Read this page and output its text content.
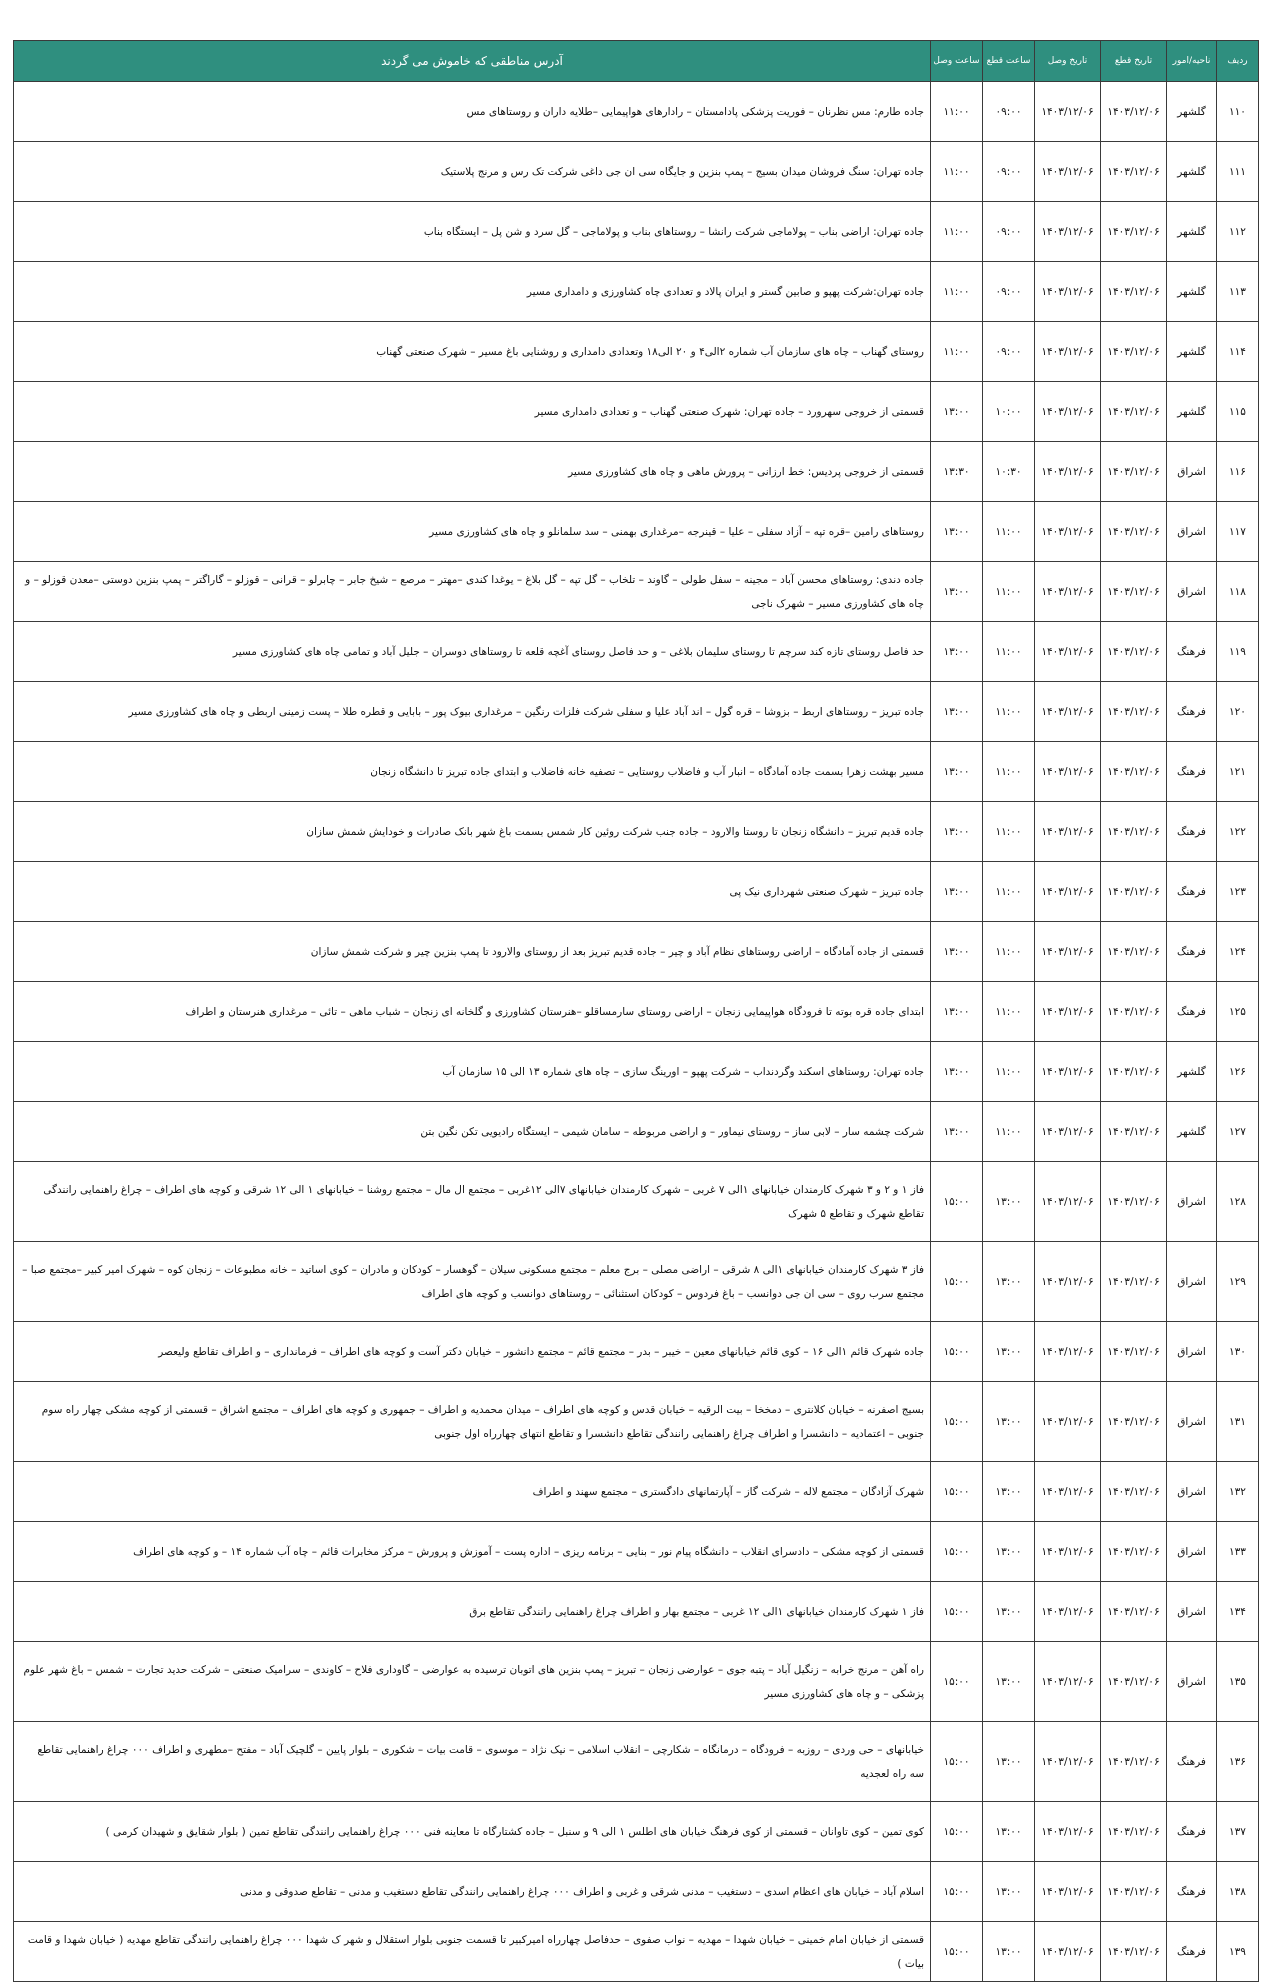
ردیف	ناحیه/امور	تاریخ قطع	تاریخ وصل	ساعت قطع	ساعت وصل	آدرس مناطقی که خاموش می گردند
۱۱۰	گلشهر	۱۴۰۳/۱۲/۰۶	۱۴۰۳/۱۲/۰۶	۰۹:۰۰	۱۱:۰۰	جاده طارم: مس نظرنان – فوریت پزشکی پادامستان – رادارهای هواپیمایی –طلایه داران و روستاهای مس
۱۱۱	گلشهر	۱۴۰۳/۱۲/۰۶	۱۴۰۳/۱۲/۰۶	۰۹:۰۰	۱۱:۰۰	جاده تهران: سنگ فروشان میدان بسیج – پمپ بنزین و جایگاه سی ان جی داغی شرکت تک رس و مرنج پلاستیک
۱۱۲	گلشهر	۱۴۰۳/۱۲/۰۶	۱۴۰۳/۱۲/۰۶	۰۹:۰۰	۱۱:۰۰	جاده تهران: اراضی بناب – پولاماجی شرکت رانشا – روستاهای بناب و پولاماجی – گل سرد و شن پل – ایستگاه بناب
۱۱۳	گلشهر	۱۴۰۳/۱۲/۰۶	۱۴۰۳/۱۲/۰۶	۰۹:۰۰	۱۱:۰۰	جاده تهران:شرکت پهپو و صابین گستر و ایران پالاد و تعدادی چاه کشاورزی و دامداری مسیر
۱۱۴	گلشهر	۱۴۰۳/۱۲/۰۶	۱۴۰۳/۱۲/۰۶	۰۹:۰۰	۱۱:۰۰	روستای گهناب – چاه های سازمان آب شماره ۲الی۴ و ۲۰ الی۱۸ وتعدادی دامداری و روشنایی باغ مسیر – شهرک صنعتی گهناب
۱۱۵	گلشهر	۱۴۰۳/۱۲/۰۶	۱۴۰۳/۱۲/۰۶	۱۰:۰۰	۱۳:۰۰	قسمتی از خروجی سهرورد – جاده تهران: شهرک صنعتی گهناب – و تعدادی دامداری مسیر
۱۱۶	اشراق	۱۴۰۳/۱۲/۰۶	۱۴۰۳/۱۲/۰۶	۱۰:۳۰	۱۳:۳۰	قسمتی از خروجی پردیس: خط ارزانی – پرورش ماهی و چاه های کشاورزی مسیر
۱۱۷	اشراق	۱۴۰۳/۱۲/۰۶	۱۴۰۳/۱۲/۰۶	۱۱:۰۰	۱۳:۰۰	روستاهای رامین –قره تپه – آزاد سفلی – علیا – قینرجه –مرغداری بهمنی – سد سلمانلو و چاه های کشاورزی مسیر
۱۱۸	اشراق	۱۴۰۳/۱۲/۰۶	۱۴۰۳/۱۲/۰۶	۱۱:۰۰	۱۳:۰۰	جاده دندی: روستاهای محسن آباد – مجینه – سفل طولی – گاوند – تلخاب – گل تپه – گل بلاغ – یوغدا کندی –مهتر – مرصع – شیخ جابر – چابرلو – قرانی – قوزلو – گاراگتر – پمپ بنزین دوستی –معدن قوزلو – و چاه های کشاورزی مسیر – شهرک ناجی
۱۱۹	فرهنگ	۱۴۰۳/۱۲/۰۶	۱۴۰۳/۱۲/۰۶	۱۱:۰۰	۱۳:۰۰	حد فاصل روستای تازه کند سرچم تا روستای سلیمان بلاغی – و حد فاصل روستای آغچه قلعه تا روستاهای دوسران – جلیل آباد و تمامی چاه های کشاورزی مسیر
۱۲۰	فرهنگ	۱۴۰۳/۱۲/۰۶	۱۴۰۳/۱۲/۰۶	۱۱:۰۰	۱۳:۰۰	جاده تبریز – روستاهای اربط – بزوشا – قره گول – اند آباد علیا و سفلی شرکت فلزات رنگین – مرغداری بیوک پور – بابایی و قطره طلا – پست زمینی اربطی و چاه های کشاورزی مسیر
۱۲۱	فرهنگ	۱۴۰۳/۱۲/۰۶	۱۴۰۳/۱۲/۰۶	۱۱:۰۰	۱۳:۰۰	مسیر بهشت زهرا بسمت جاده آمادگاه – انبار آب و فاضلاب روستایی – تصفیه خانه فاضلاب و ابتدای جاده تبریز تا دانشگاه زنجان
۱۲۲	فرهنگ	۱۴۰۳/۱۲/۰۶	۱۴۰۳/۱۲/۰۶	۱۱:۰۰	۱۳:۰۰	جاده قدیم تبریز – دانشگاه زنجان تا روستا والارود – جاده جنب شرکت روئین کار شمس بسمت باغ شهر بانک صادرات و خودایش شمش سازان
۱۲۳	فرهنگ	۱۴۰۳/۱۲/۰۶	۱۴۰۳/۱۲/۰۶	۱۱:۰۰	۱۳:۰۰	جاده تبریز – شهرک صنعتی شهرداری نیک پی
۱۲۴	فرهنگ	۱۴۰۳/۱۲/۰۶	۱۴۰۳/۱۲/۰۶	۱۱:۰۰	۱۳:۰۰	قسمتی از جاده آمادگاه – اراضی روستاهای نظام آباد و چیر – جاده قدیم تبریز بعد از روستای والارود تا پمپ بنزین چیر و شرکت شمش سازان
۱۲۵	فرهنگ	۱۴۰۳/۱۲/۰۶	۱۴۰۳/۱۲/۰۶	۱۱:۰۰	۱۳:۰۰	ابتدای جاده قره بوته تا فرودگاه هواپیمایی زنجان – اراضی روستای سارمساقلو –هنرستان کشاورزی و گلخانه ای زنجان – شباب ماهی – تائی – مرغداری هنرستان و اطراف
۱۲۶	گلشهر	۱۴۰۳/۱۲/۰۶	۱۴۰۳/۱۲/۰۶	۱۱:۰۰	۱۳:۰۰	جاده تهران: روستاهای اسکند وگردنداب – شرکت پهپو – اورینگ سازی – چاه های شماره ۱۳ الی ۱۵ سازمان آب
۱۲۷	گلشهر	۱۴۰۳/۱۲/۰۶	۱۴۰۳/۱۲/۰۶	۱۱:۰۰	۱۳:۰۰	شرکت چشمه سار – لابی ساز – روستای نیماور – و اراضی مربوطه – سامان شیمی – ایستگاه رادیویی تکن نگین بتن
۱۲۸	اشراق	۱۴۰۳/۱۲/۰۶	۱۴۰۳/۱۲/۰۶	۱۳:۰۰	۱۵:۰۰	فاز ۱ و ۲ و ۳ شهرک کارمندان خیابانهای ۱الی ۷ غربی – شهرک کارمندان خیابانهای ۷الی ۱۲غربی – مجتمع ال مال – مجتمع روشنا – خیابانهای ۱ الی ۱۲ شرقی و کوچه های اطراف – چراغ راهنمایی رانندگی تقاطع شهرک و تقاطع ۵ شهرک
۱۲۹	اشراق	۱۴۰۳/۱۲/۰۶	۱۴۰۳/۱۲/۰۶	۱۳:۰۰	۱۵:۰۰	فاز ۳ شهرک کارمندان خیابانهای ۱الی ۸ شرقی – اراضی مصلی – برج معلم – مجتمع مسکونی سیلان – گوهسار – کودکان و مادران – کوی اساتید – خانه مطبوعات – زنجان کوه – شهرک امیر کبیر –مجتمع صبا – مجتمع سرب روی – سی ان جی دوانسب – باغ فردوس – کودکان استثنائی – روستاهای دوانسب و کوچه های اطراف
۱۳۰	اشراق	۱۴۰۳/۱۲/۰۶	۱۴۰۳/۱۲/۰۶	۱۳:۰۰	۱۵:۰۰	جاده شهرک قائم ۱الی ۱۶ – کوی قائم خیابانهای معین – خیبر – بدر – مجتمع قائم – مجتمع دانشور – خیابان دکتر آست و کوچه های اطراف – فرمانداری – و اطراف تقاطع ولیعصر
۱۳۱	اشراق	۱۴۰۳/۱۲/۰۶	۱۴۰۳/۱۲/۰۶	۱۳:۰۰	۱۵:۰۰	بسیج اصفرنه – خیابان کلانتری – دمخخا – بیت الرقیه – خیابان قدس و کوچه های اطراف – میدان محمدیه و اطراف – جمهوری و کوچه های اطراف – مجتمع اشراق – قسمتی از کوچه مشکی چهار راه سوم جنوبی – اعتمادیه – دانشسرا و اطراف چراغ راهنمایی رانندگی تقاطع دانشسرا و تقاطع انتهای چهارراه اول جنوبی
۱۳۲	اشراق	۱۴۰۳/۱۲/۰۶	۱۴۰۳/۱۲/۰۶	۱۳:۰۰	۱۵:۰۰	شهرک آزادگان – مجتمع لاله – شرکت گاز – آپارتمانهای دادگستری – مجتمع سهند و اطراف
۱۳۳	اشراق	۱۴۰۳/۱۲/۰۶	۱۴۰۳/۱۲/۰۶	۱۳:۰۰	۱۵:۰۰	قسمتی از کوچه مشکی – دادسرای انقلاب – دانشگاه پیام نور – بنایی – برنامه ریزی – اداره پست – آموزش و پرورش – مرکز مخابرات قائم – چاه آب شماره ۱۴ – و کوچه های اطراف
۱۳۴	اشراق	۱۴۰۳/۱۲/۰۶	۱۴۰۳/۱۲/۰۶	۱۳:۰۰	۱۵:۰۰	فاز ۱ شهرک کارمندان خیابانهای ۱الی ۱۲ غربی – مجتمع بهار و اطراف چراغ راهنمایی رانندگی تقاطع برق
۱۳۵	اشراق	۱۴۰۳/۱۲/۰۶	۱۴۰۳/۱۲/۰۶	۱۳:۰۰	۱۵:۰۰	راه آهن – مرنج خرابه – زنگیل آباد – پتبه جوی – عوارضی زنجان – تبریز – پمپ بنزین های اتوبان ترسیده به عوارضی – گاوداری فلاح – کاوندی – سرامیک صنعتی – شرکت حدید تجارت – شمس – باغ شهر علوم پزشکی – و چاه های کشاورزی مسیر
۱۳۶	فرهنگ	۱۴۰۳/۱۲/۰۶	۱۴۰۳/۱۲/۰۶	۱۳:۰۰	۱۵:۰۰	خیابانهای – حی وردی – روزبه – فرودگاه – درمانگاه – شکارچی – انقلاب اسلامی – نیک نژاد – موسوی – قامت بیات – شکوری – بلوار پایین – گلچیک آباد – مفتح –مطهری و اطراف ۰۰۰ چراغ راهنمایی تقاطع سه راه لعجدیه
۱۳۷	فرهنگ	۱۴۰۳/۱۲/۰۶	۱۴۰۳/۱۲/۰۶	۱۳:۰۰	۱۵:۰۰	کوی تمین – کوی تاوانان – قسمتی از کوی فرهنگ خیابان های اطلس ۱ الی ۹ و سنبل – جاده کشتارگاه تا معاینه فنی ۰۰۰ چراغ راهنمایی رانندگی تقاطع تمین ( بلوار شقایق و شهیدان کرمی )
۱۳۸	فرهنگ	۱۴۰۳/۱۲/۰۶	۱۴۰۳/۱۲/۰۶	۱۳:۰۰	۱۵:۰۰	اسلام آباد – خیابان های اعظام اسدی – دستغیب – مدنی شرقی و غربی و اطراف ۰۰۰ چراغ راهنمایی رانندگی تقاطع دستغیب و مدنی – تقاطع صدوقی و مدنی
۱۳۹	فرهنگ	۱۴۰۳/۱۲/۰۶	۱۴۰۳/۱۲/۰۶	۱۳:۰۰	۱۵:۰۰	قسمتی از خیابان امام خمینی – خیابان شهدا – مهدیه – نواب صفوی – حدفاصل چهارراه امیرکبیر تا قسمت جنوبی بلوار استقلال و شهر ک شهدا ۰۰۰ چراغ راهنمایی رانندگی تقاطع مهدیه ( خیابان شهدا و قامت بیات )
